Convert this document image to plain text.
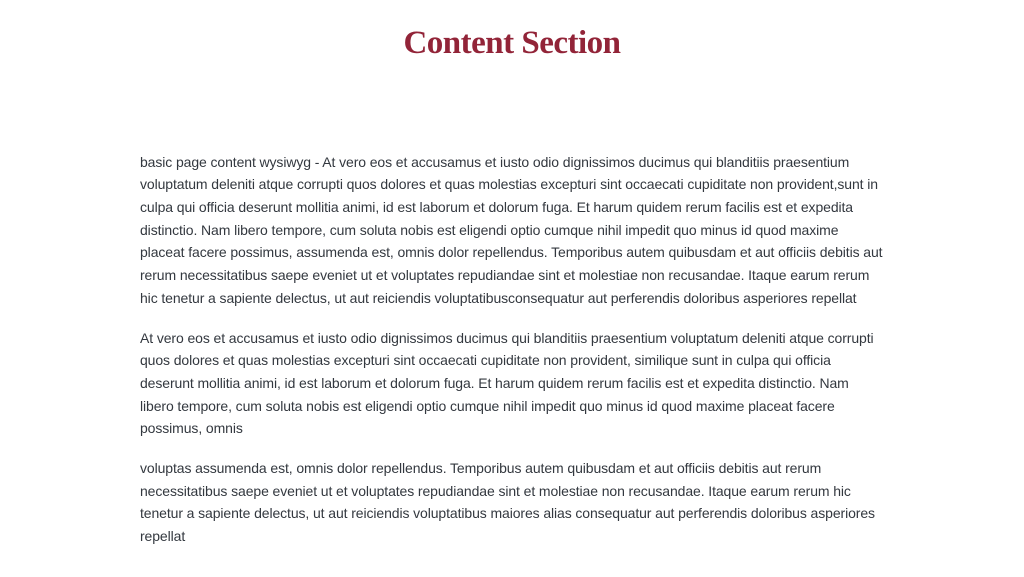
Content Section

basic page content wysiwyg - At vero eos et accusamus et iusto odio dignissimos ducimus qui blanditiis praesentium voluptatum deleniti atque corrupti quos dolores et quas molestias excepturi sint occaecati cupiditate non provident,sunt in culpa qui officia deserunt mollitia animi, id est laborum et dolorum fuga. Et harum quidem rerum facilis est et expedita distinctio. Nam libero tempore, cum soluta nobis est eligendi optio cumque nihil impedit quo minus id quod maxime placeat facere possimus, assumenda est, omnis dolor repellendus. Temporibus autem quibusdam et aut officiis debitis aut rerum necessitatibus saepe eveniet ut et voluptates repudiandae sint et molestiae non recusandae. Itaque earum rerum hic tenetur a sapiente delectus, ut aut reiciendis voluptatibusconsequatur aut perferendis doloribus asperiores repellat

At vero eos et accusamus et iusto odio dignissimos ducimus qui blanditiis praesentium voluptatum deleniti atque corrupti quos dolores et quas molestias excepturi sint occaecati cupiditate non provident, similique sunt in culpa qui officia deserunt mollitia animi, id est laborum et dolorum fuga. Et harum quidem rerum facilis est et expedita distinctio. Nam libero tempore, cum soluta nobis est eligendi optio cumque nihil impedit quo minus id quod maxime placeat facere possimus, omnis

voluptas assumenda est, omnis dolor repellendus. Temporibus autem quibusdam et aut officiis debitis aut rerum necessitatibus saepe eveniet ut et voluptates repudiandae sint et molestiae non recusandae. Itaque earum rerum hic tenetur a sapiente delectus, ut aut reiciendis voluptatibus maiores alias consequatur aut perferendis doloribus asperiores repellat
